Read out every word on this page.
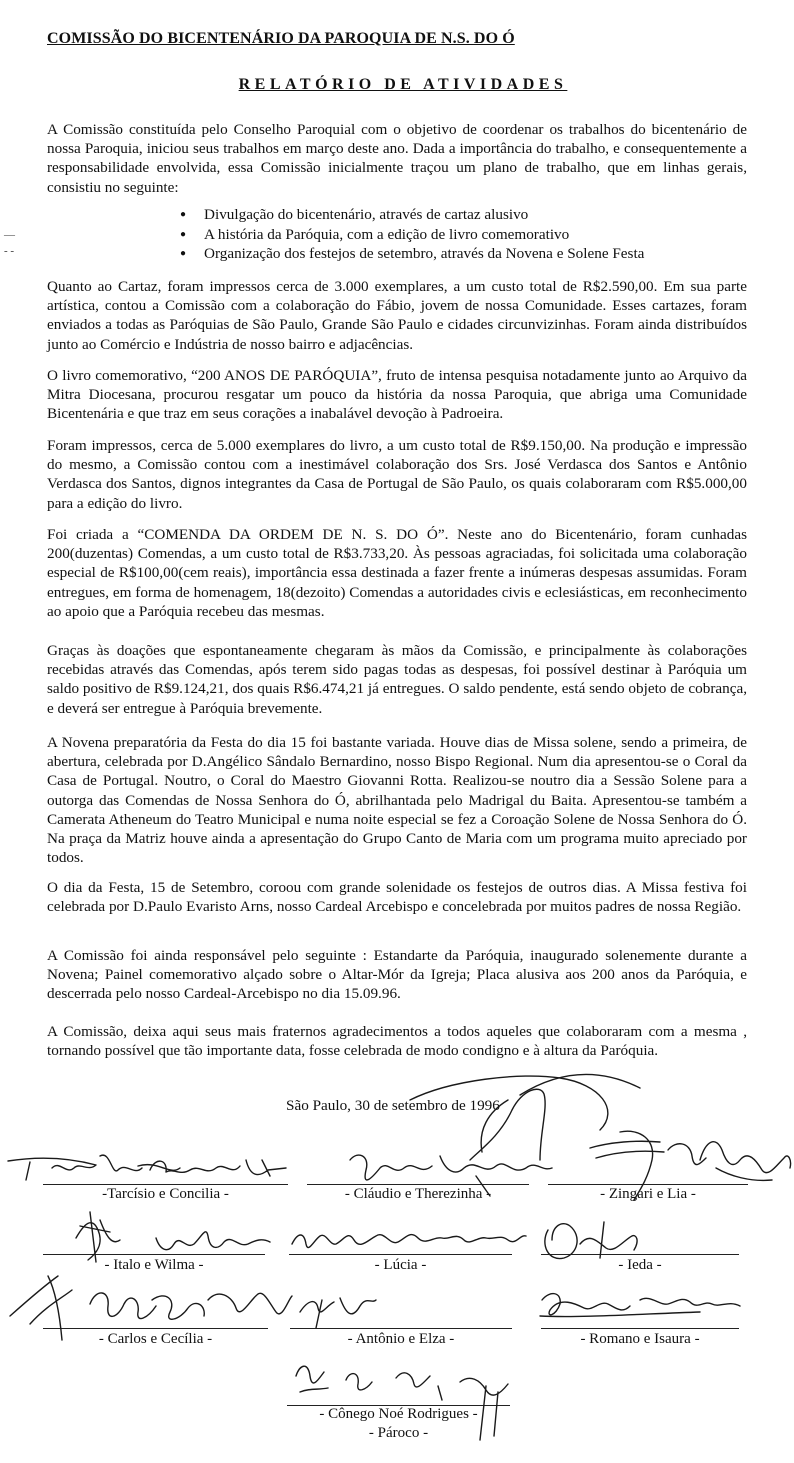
COMISSÃO DO BICENTENÁRIO DA PAROQUIA DE N.S. DO Ó
RELATÓRIO DE ATIVIDADES
A Comissão constituída pelo Conselho Paroquial com o objetivo de coordenar os trabalhos do bicentenário de nossa Paroquia, iniciou seus trabalhos em março deste ano. Dada a importância do trabalho, e consequentemente a responsabilidade envolvida, essa Comissão inicialmente traçou um plano de trabalho, que em linhas gerais, consistiu no seguinte:
● Divulgação do bicentenário, através de cartaz alusivo
● A história da Paróquia, com a edição de livro comemorativo
● Organização dos festejos de setembro, através da Novena e Solene Festa
—
- -
Quanto ao Cartaz, foram impressos cerca de 3.000 exemplares, a um custo total de R$2.590,00. Em sua parte artística, contou a Comissão com a colaboração do Fábio, jovem de nossa Comunidade. Esses cartazes, foram enviados a todas as Paróquias de São Paulo, Grande São Paulo e cidades circunvizinhas. Foram ainda distribuídos junto ao Comércio e Indústria de nosso bairro e adjacências.
O livro comemorativo, “200 ANOS DE PARÓQUIA”, fruto de intensa pesquisa notadamente junto ao Arquivo da Mitra Diocesana, procurou resgatar um pouco da história da nossa Paroquia, que abriga uma Comunidade Bicentenária e que traz em seus corações a inabalável devoção à Padroeira.
Foram impressos, cerca de 5.000 exemplares do livro, a um custo total de R$9.150,00. Na produção e impressão do mesmo, a Comissão contou com a inestimável colaboração dos Srs. José Verdasca dos Santos e Antônio Verdasca dos Santos, dignos integrantes da Casa de Portugal de São Paulo, os quais colaboraram com R$5.000,00 para a edição do livro.
Foi criada a “COMENDA DA ORDEM DE N. S. DO Ó”. Neste ano do Bicentenário, foram cunhadas 200(duzentas) Comendas, a um custo total de R$3.733,20. Às pessoas agraciadas, foi solicitada uma colaboração especial de R$100,00(cem reais), importância essa destinada a fazer frente a inúmeras despesas assumidas. Foram entregues, em forma de homenagem, 18(dezoito) Comendas a autoridades civis e eclesiásticas, em reconhecimento ao apoio que a Paróquia recebeu das mesmas.
Graças às doações que espontaneamente chegaram às mãos da Comissão, e principalmente às colaborações recebidas através das Comendas, após terem sido pagas todas as despesas, foi possível destinar à Paróquia um saldo positivo de R$9.124,21, dos quais R$6.474,21 já entregues. O saldo pendente, está sendo objeto de cobrança, e deverá ser entregue à Paróquia brevemente.
A Novena preparatória da Festa do dia 15 foi bastante variada. Houve dias de Missa solene, sendo a primeira, de abertura, celebrada por D.Angélico Sândalo Bernardino, nosso Bispo Regional. Num dia apresentou-se o Coral da Casa de Portugal. Noutro, o Coral do Maestro Giovanni Rotta. Realizou-se noutro dia a Sessão Solene para a outorga das Comendas de Nossa Senhora do Ó, abrilhantada pelo Madrigal du Baita. Apresentou-se também a Camerata Atheneum do Teatro Municipal e numa noite especial se fez a Coroação Solene de Nossa Senhora do Ó. Na praça da Matriz houve ainda a apresentação do Grupo Canto de Maria com um programa muito apreciado por todos.
O dia da Festa, 15 de Setembro, coroou com grande solenidade os festejos de outros dias. A Missa festiva foi celebrada por D.Paulo Evaristo Arns, nosso Cardeal Arcebispo e concelebrada por muitos padres de nossa Região.
A Comissão foi ainda responsável pelo seguinte : Estandarte da Paróquia, inaugurado solenemente durante a Novena; Painel comemorativo alçado sobre o Altar-Mór da Igreja; Placa alusiva aos 200 anos da Paróquia, e descerrada pelo nosso Cardeal-Arcebispo no dia 15.09.96.
A Comissão, deixa aqui seus mais fraternos agradecimentos a todos aqueles que colaboraram com a mesma , tornando possível que tão importante data, fosse celebrada de modo condigno e à altura da Paróquia.
São Paulo, 30 de setembro de 1996
-Tarcísio e Concilia -	- Cláudio e Therezinha -	- Zingari e Lia -
- Italo e Wilma -	- Lúcia -	- Ieda -
- Carlos e Cecília -	- Antônio e Elza -	- Romano e Isaura -
- Cônego Noé Rodrigues -
- Pároco -
